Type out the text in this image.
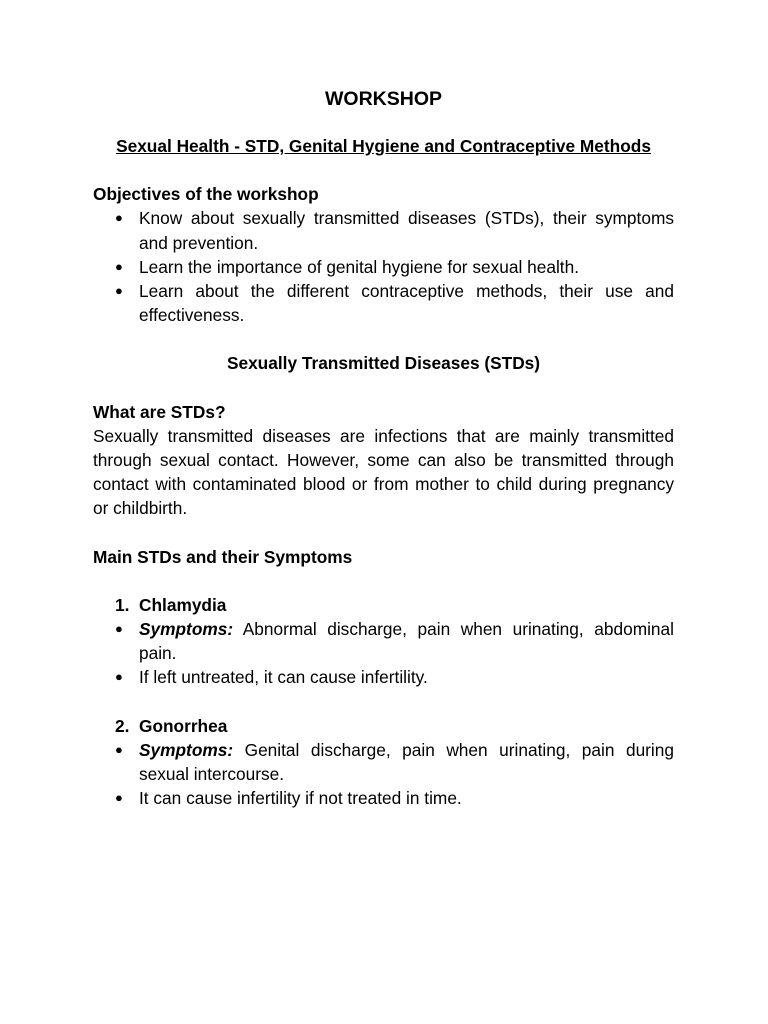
WORKSHOP
Sexual Health - STD, Genital Hygiene and Contraceptive Methods
Objectives of the workshop
● Know about sexually transmitted diseases (STDs), their symptoms and prevention.
● Learn the importance of genital hygiene for sexual health.
● Learn about the different contraceptive methods, their use and effectiveness.
Sexually Transmitted Diseases (STDs)
What are STDs?
Sexually transmitted diseases are infections that are mainly transmitted through sexual contact. However, some can also be transmitted through contact with contaminated blood or from mother to child during pregnancy or childbirth.
Main STDs and their Symptoms
1. Chlamydia
● Symptoms: Abnormal discharge, pain when urinating, abdominal pain.
● If left untreated, it can cause infertility.
2. Gonorrhea
● Symptoms: Genital discharge, pain when urinating, pain during sexual intercourse.
● It can cause infertility if not treated in time.
